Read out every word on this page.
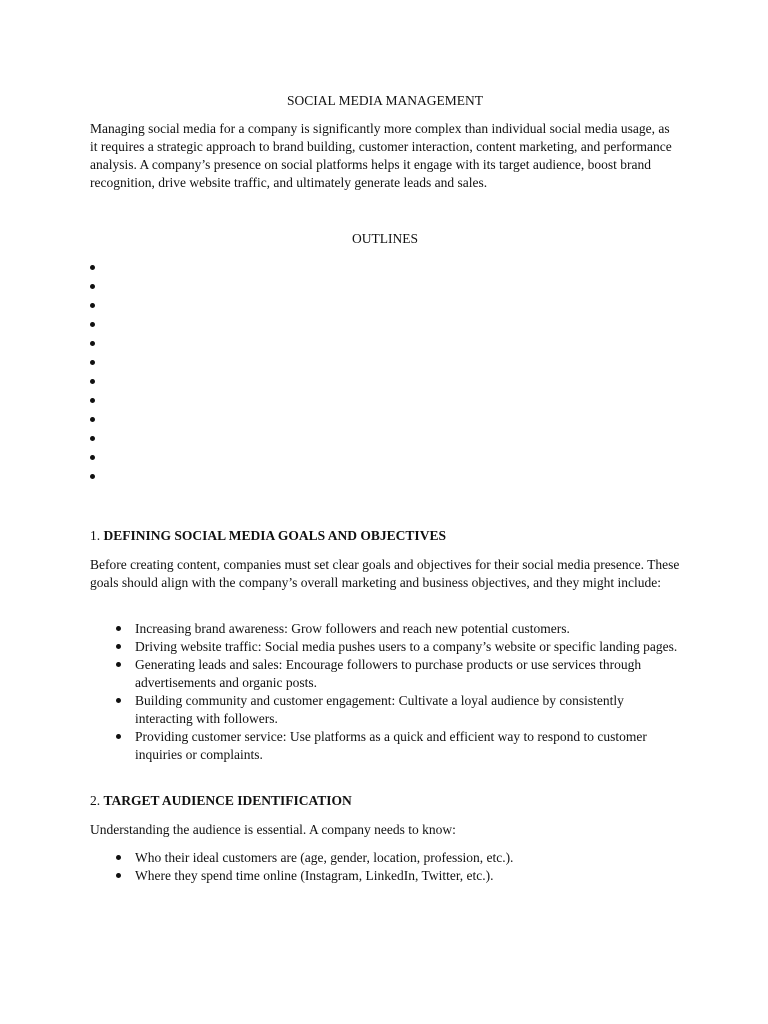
SOCIAL MEDIA MANAGEMENT

Managing social media for a company is significantly more complex than individual social media usage, as it requires a strategic approach to brand building, customer interaction, content marketing, and performance analysis. A company’s presence on social platforms helps it engage with its target audience, boost brand recognition, drive website traffic, and ultimately generate leads and sales.

OUTLINES

1. DEFINING SOCIAL MEDIA GOALS AND OBJECTIVES

Before creating content, companies must set clear goals and objectives for their social media presence. These goals should align with the company’s overall marketing and business objectives, and they might include:

Increasing brand awareness: Grow followers and reach new potential customers.
Driving website traffic: Social media pushes users to a company’s website or specific landing pages.
Generating leads and sales: Encourage followers to purchase products or use services through advertisements and organic posts.
Building community and customer engagement: Cultivate a loyal audience by consistently interacting with followers.
Providing customer service: Use platforms as a quick and efficient way to respond to customer inquiries or complaints.

2. TARGET AUDIENCE IDENTIFICATION

Understanding the audience is essential. A company needs to know:

Who their ideal customers are (age, gender, location, profession, etc.).
Where they spend time online (Instagram, LinkedIn, Twitter, etc.).
